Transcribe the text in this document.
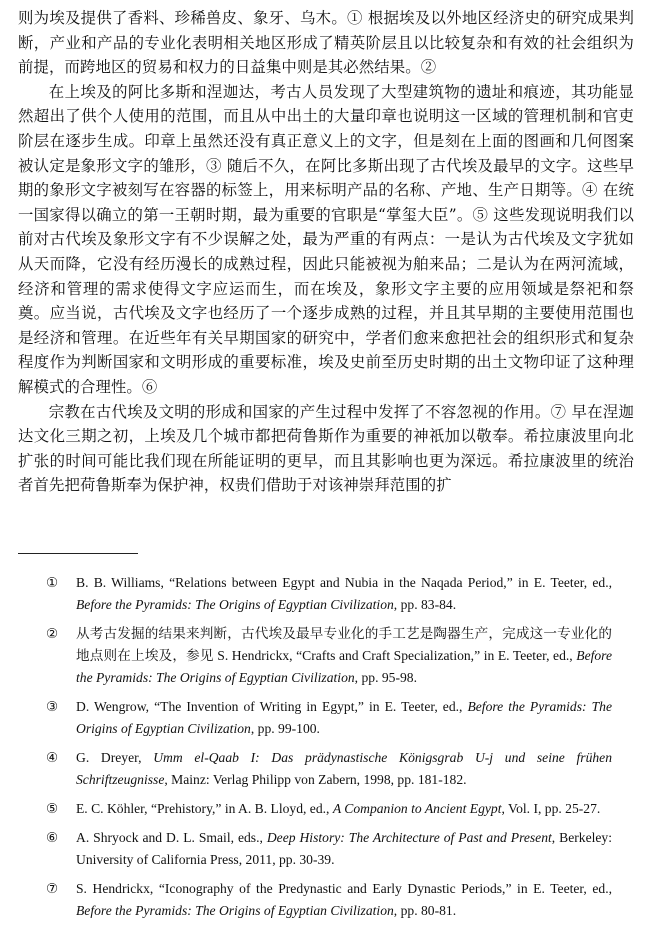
则为埃及提供了香料、珍稀兽皮、象牙、乌木。① 根据埃及以外地区经济史的研究成果判断，产业和产品的专业化表明相关地区形成了精英阶层且以比较复杂和有效的社会组织为前提，而跨地区的贸易和权力的日益集中则是其必然结果。②

在上埃及的阿比多斯和涅迦达，考古人员发现了大型建筑物的遗址和痕迹，其功能显然超出了供个人使用的范围，而且从中出土的大量印章也说明这一区域的管理机制和官吏阶层在逐步生成。印章上虽然还没有真正意义上的文字，但是刻在上面的图画和几何图案被认定是象形文字的雏形，③ 随后不久，在阿比多斯出现了古代埃及最早的文字。这些早期的象形文字被刻写在容器的标签上，用来标明产品的名称、产地、生产日期等。④ 在统一国家得以确立的第一王朝时期，最为重要的官职是“掌玺大臣”。⑤ 这些发现说明我们以前对古代埃及象形文字有不少误解之处，最为严重的有两点：一是认为古代埃及文字犹如从天而降，它没有经历漫长的成熟过程，因此只能被视为舶来品；二是认为在两河流域，经济和管理的需求使得文字应运而生，而在埃及，象形文字主要的应用领域是祭祀和祭奠。应当说，古代埃及文字也经历了一个逐步成熟的过程，并且其早期的主要使用范围也是经济和管理。在近些年有关早期国家的研究中，学者们愈来愈把社会的组织形式和复杂程度作为判断国家和文明形成的重要标准，埃及史前至历史时期的出土文物印证了这种理解模式的合理性。⑥

宗教在古代埃及文明的形成和国家的产生过程中发挥了不容忽视的作用。⑦ 早在涅迦达文化三期之初，上埃及几个城市都把荷鲁斯作为重要的神祇加以敬奉。希拉康波里向北扩张的时间可能比我们现在所能证明的更早，而且其影响也更为深远。希拉康波里的统治者首先把荷鲁斯奉为保护神，权贵们借助于对该神崇拜范围的扩

① B. B. Williams, “Relations between Egypt and Nubia in the Naqada Period,” in E. Teeter, ed., Before the Pyramids: The Origins of Egyptian Civilization, pp. 83-84.
② 从考古发掘的结果来判断，古代埃及最早专业化的手工艺是陶器生产，完成这一专业化的地点则在上埃及，参见 S. Hendrickx, “Crafts and Craft Specialization,” in E. Teeter, ed., Before the Pyramids: The Origins of Egyptian Civilization, pp. 95-98.
③ D. Wengrow, “The Invention of Writing in Egypt,” in E. Teeter, ed., Before the Pyramids: The Origins of Egyptian Civilization, pp. 99-100.
④ G. Dreyer, Umm el-Qaab I: Das prädynastische Königsgrab U-j und seine frühen Schriftzeugnisse, Mainz: Verlag Philipp von Zabern, 1998, pp. 181-182.
⑤ E. C. Köhler, “Prehistory,” in A. B. Lloyd, ed., A Companion to Ancient Egypt, Vol. I, pp. 25-27.
⑥ A. Shryock and D. L. Smail, eds., Deep History: The Architecture of Past and Present, Berkeley: University of California Press, 2011, pp. 30-39.
⑦ S. Hendrickx, “Iconography of the Predynastic and Early Dynastic Periods,” in E. Teeter, ed., Before the Pyramids: The Origins of Egyptian Civilization, pp. 80-81.
